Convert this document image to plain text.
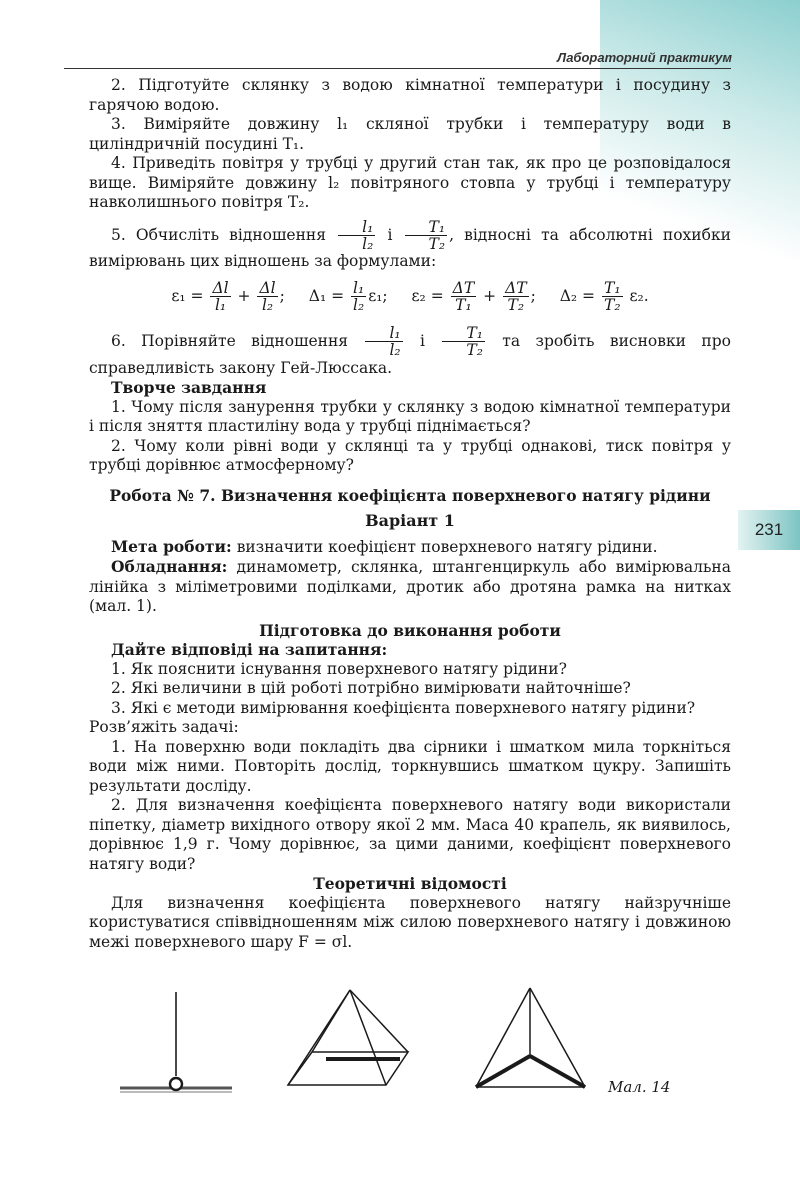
Лабораторний практикум
231

2. Підготуйте склянку з водою кімнатної температури і посудину з гарячою водою.

3. Виміряйте довжину l₁ скляної трубки і температуру води в циліндричній посудині T₁.

4. Приведіть повітря у трубці у другий стан так, як про це розповідалося вище. Виміряйте довжину l₂ повітряного стовпа у трубці і температуру навколишнього повітря T₂.

5. Обчисліть відношення $\frac{\text{l₁}}{\text{l₂}}$ і $\frac{\text{T₁}}{\text{T₂}}$ , відносні та абсолютні похибки вимірювань цих відношень за формулами:

$\varepsilon_1 = \frac{\Delta l}{\text{l₁}} + \frac{\Delta l}{\text{l₂}}$ ; $\Delta_1 = \frac{\text{l₁}}{\text{l₂}} \varepsilon_1$; $\varepsilon_2 = \frac{\Delta T}{\text{T₁}} + \frac{\Delta T}{\text{T₂}}$ ; $\Delta_2 = \frac{\text{T₁}}{\text{T₂}} \varepsilon_2$.

6. Порівняйте відношення $\frac{\text{l₁}}{\text{l₂}}$ і $\frac{\text{T₁}}{\text{T₂}}$ та зробіть висновки про справедливість закону Гей-Люссака.

Творче завдання

1. Чому після занурення трубки у склянку з водою кімнатної температури і після зняття пластиліну вода у трубці піднімається?

2. Чому коли рівні води у склянці та у трубці однакові, тиск повітря у трубці дорівнює атмосферному?

Робота № 7. Визначення коефіцієнта поверхневого натягу рідини

Варіант 1

Мета роботи: визначити коефіцієнт поверхневого натягу рідини.

Обладнання: динамометр, склянка, штангенциркуль або вимірювальна лінійка з міліметровими поділками, дротик або дротяна рамка на нитках (мал. 1).

Підготовка до виконання роботи

Дайте відповіді на запитання:

1. Як пояснити існування поверхневого натягу рідини?

2. Які величини в цій роботі потрібно вимірювати найточніше?

3. Які є методи вимірювання коефіцієнта поверхневого натягу рідини?

Розв’яжіть задачі:

1. На поверхню води покладіть два сірники і шматком мила торкніться води між ними. Повторіть дослід, торкнувшись шматком цукру. Запишіть результати досліду.

2. Для визначення коефіцієнта поверхневого натягу води використали піпетку, діаметр вихідного отвору якої 2 мм. Маса 40 крапель, як виявилось, дорівнює 1,9 г. Чому дорівнює, за цими даними, коефіцієнт поверхневого натягу води?

Теоретичні відомості

Для визначення коефіцієнта поверхневого натягу найзручніше користуватися співвідношенням між силою поверхневого натягу і довжиною межі поверхневого шару F = σl.

Мал. 14
